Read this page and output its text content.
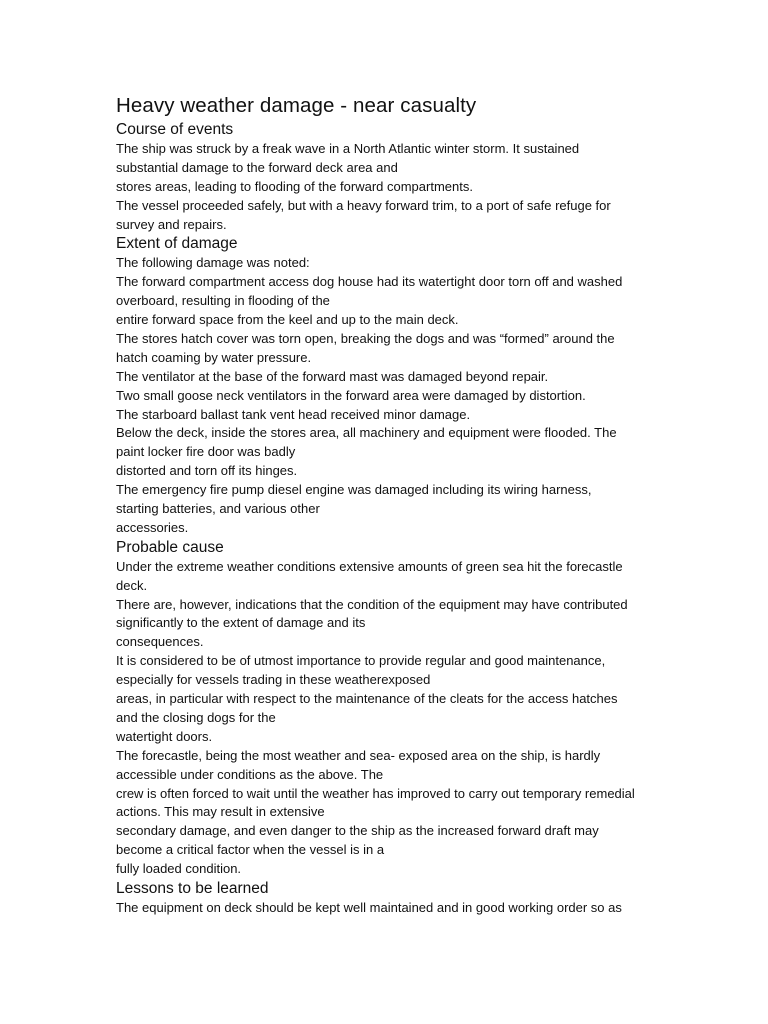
Heavy weather damage - near casualty
Course of events
The ship was struck by a freak wave in a North Atlantic winter storm. It sustained
substantial damage to the forward deck area and
stores areas, leading to flooding of the forward compartments.
The vessel proceeded safely, but with a heavy forward trim, to a port of safe refuge for
survey and repairs.
Extent of damage
The following damage was noted:
The forward compartment access dog house had its watertight door torn off and washed
overboard, resulting in flooding of the
entire forward space from the keel and up to the main deck.
The stores hatch cover was torn open, breaking the dogs and was “formed” around the
hatch coaming by water pressure.
The ventilator at the base of the forward mast was damaged beyond repair.
Two small goose neck ventilators in the forward area were damaged by distortion.
The starboard ballast tank vent head received minor damage.
Below the deck, inside the stores area, all machinery and equipment were flooded. The
paint locker fire door was badly
distorted and torn off its hinges.
The emergency fire pump diesel engine was damaged including its wiring harness,
starting batteries, and various other
accessories.
Probable cause
Under the extreme weather conditions extensive amounts of green sea hit the forecastle
deck.
There are, however, indications that the condition of the equipment may have contributed
significantly to the extent of damage and its
consequences.
It is considered to be of utmost importance to provide regular and good maintenance,
especially for vessels trading in these weatherexposed
areas, in particular with respect to the maintenance of the cleats for the access hatches
and the closing dogs for the
watertight doors.
The forecastle, being the most weather and sea- exposed area on the ship, is hardly
accessible under conditions as the above. The
crew is often forced to wait until the weather has improved to carry out temporary remedial
actions. This may result in extensive
secondary damage, and even danger to the ship as the increased forward draft may
become a critical factor when the vessel is in a
fully loaded condition.
Lessons to be learned
The equipment on deck should be kept well maintained and in good working order so as
